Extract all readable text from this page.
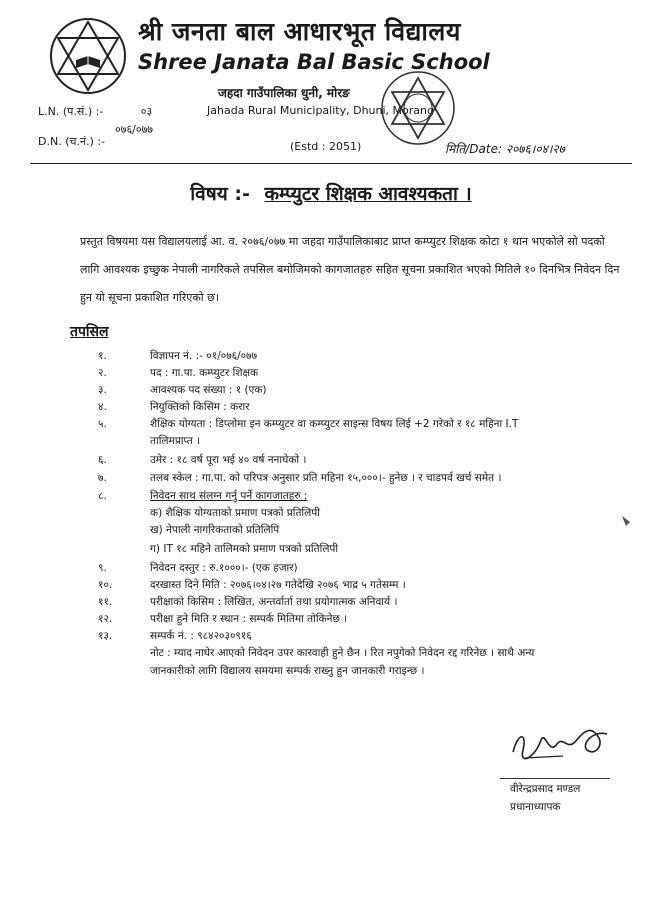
श्री जनता बाल आधारभूत विद्यालय
Shree Janata Bal Basic School
जहदा गाउँपालिका धुनी, मोरङ
Jahada Rural Municipality, Dhuni, Morang
(Estd : 2051)
L.N. (प.सं.) :-	०३
०७६/०७७
D.N. (च.नं.) :-
मिति/Date: २०७६।०४।२७
विषय :- कम्प्युटर शिक्षक आवश्यकता ।
प्रस्तुत विषयमा यस विद्यालयलाई आ. व. २०७६/०७७ मा जहदा गाउँपालिकाबाट प्राप्त कम्प्युटर शिक्षक कोटा १ थान भएकोले सो पदको लागि आवश्यक इच्छुक नेपाली नागरिकले तपसिल बमोजिमको कागजातहरु सहित सूचना प्रकाशित भएको मितिले १० दिनभित्र निवेदन दिन हुन यो सूचना प्रकाशित गरिएको छ।
तपसिल
१.	विज्ञापन नं. :- ०१/०७६/०७७
२.	पद : गा.पा. कम्प्युटर शिक्षक
३.	आवश्यक पद संख्या : १ (एक)
४.	नियुक्तिको किसिम : करार
५.	शैक्षिक योग्यता : डिप्लोमा इन कम्प्युटर वा कम्प्युटर साइन्स विषय लिई +2 गरेको र १८ महिना I.T
तालिमप्राप्त ।
६.	उमेर : १८ वर्ष पूरा भई ४० वर्ष ननाघेको ।
७.	तलब स्केल : गा.पा. को परिपत्र अनुसार प्रति महिना १५,०००।- हुनेछ । र चाडपर्व खर्च समेत ।
८.	निवेदन साथ संलग्न गर्नु पर्ने कागजातहरु :
क) शैक्षिक योग्यताको प्रमाण पत्रको प्रतिलिपी
ख) नेपाली नागरिकताको प्रतिलिपि
ग) IT १८ महिने तालिमको प्रमाण पत्रको प्रतिलिपी
९.	निवेदन दस्तुर : रु.१०००।- (एक हजार)
१०.	दरखास्त दिने मिति : २०७६।०४।२७ गतेदेखि २०७६ भाद्र ५ गतेसम्म ।
११.	परीक्षाको किसिम : लिखित, अन्तर्वार्ता तथा प्रयोगात्मक अनिवार्य ।
१२.	परीक्षा हुने मिति र स्थान : सम्पर्क मितिमा तोकिनेछ ।
१३.	सम्पर्क नं. : ९८४२०३०९१६
नोट : म्याद नाघेर आएको निवेदन उपर कारवाही हुने छैन । रित नपुगेको निवेदन रद्द गरिनेछ । साथै अन्य
जानकारीको लागि विद्यालय समयमा सम्पर्क राख्नु हुन जानकारी गराइन्छ ।
वीरेन्द्रप्रसाद मण्डल
प्रधानाध्यापक
